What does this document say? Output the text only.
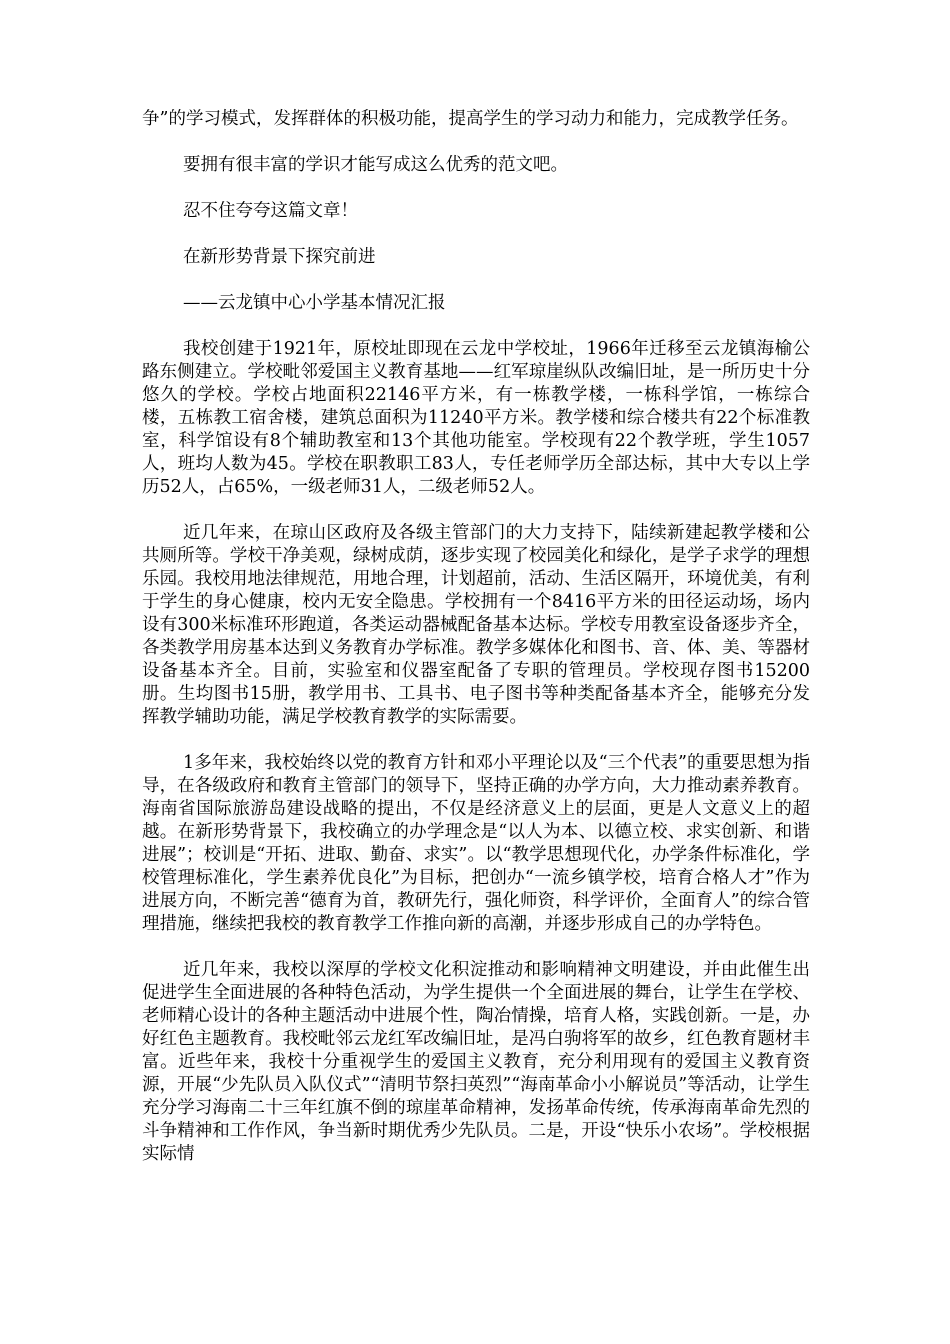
争”的学习模式，发挥群体的积极功能，提高学生的学习动力和能力，完成教学任务。

要拥有很丰富的学识才能写成这么优秀的范文吧。

忍不住夸夸这篇文章！

在新形势背景下探究前进

——云龙镇中心小学基本情况汇报

我校创建于1921年，原校址即现在云龙中学校址，1966年迁移至云龙镇海榆公路东侧建立。学校毗邻爱国主义教育基地——红军琼崖纵队改编旧址，是一所历史十分悠久的学校。学校占地面积22146平方米，有一栋教学楼，一栋科学馆，一栋综合楼，五栋教工宿舍楼，建筑总面积为11240平方米。教学楼和综合楼共有22个标准教室，科学馆设有8个辅助教室和13个其他功能室。学校现有22个教学班，学生1057人，班均人数为45。学校在职教职工83人，专任老师学历全部达标，其中大专以上学历52人，占65%，一级老师31人，二级老师52人。

近几年来，在琼山区政府及各级主管部门的大力支持下，陆续新建起教学楼和公共厕所等。学校干净美观，绿树成荫，逐步实现了校园美化和绿化，是学子求学的理想乐园。我校用地法律规范，用地合理，计划超前，活动、生活区隔开，环境优美，有利于学生的身心健康，校内无安全隐患。学校拥有一个8416平方米的田径运动场，场内设有300米标准环形跑道，各类运动器械配备基本达标。学校专用教室设备逐步齐全，各类教学用房基本达到义务教育办学标准。教学多媒体化和图书、音、体、美、等器材设备基本齐全。目前，实验室和仪器室配备了专职的管理员。学校现存图书15200册。生均图书15册，教学用书、工具书、电子图书等种类配备基本齐全，能够充分发挥教学辅助功能，满足学校教育教学的实际需要。

1多年来，我校始终以党的教育方针和邓小平理论以及“三个代表”的重要思想为指导，在各级政府和教育主管部门的领导下，坚持正确的办学方向，大力推动素养教育。海南省国际旅游岛建设战略的提出，不仅是经济意义上的层面，更是人文意义上的超越。在新形势背景下，我校确立的办学理念是“以人为本、以德立校、求实创新、和谐进展”；校训是“开拓、进取、勤奋、求实”。以“教学思想现代化，办学条件标准化，学校管理标准化，学生素养优良化”为目标，把创办“一流乡镇学校，培育合格人才”作为进展方向，不断完善“德育为首，教研先行，强化师资，科学评价，全面育人”的综合管理措施，继续把我校的教育教学工作推向新的高潮，并逐步形成自己的办学特色。

近几年来，我校以深厚的学校文化积淀推动和影响精神文明建设，并由此催生出促进学生全面进展的各种特色活动，为学生提供一个全面进展的舞台，让学生在学校、老师精心设计的各种主题活动中进展个性，陶冶情操，培育人格，实践创新。一是，办好红色主题教育。我校毗邻云龙红军改编旧址，是冯白驹将军的故乡，红色教育题材丰富。近些年来，我校十分重视学生的爱国主义教育，充分利用现有的爱国主义教育资源，开展“少先队员入队仪式”“清明节祭扫英烈”“海南革命小小解说员”等活动，让学生充分学习海南二十三年红旗不倒的琼崖革命精神，发扬革命传统，传承海南革命先烈的斗争精神和工作作风，争当新时期优秀少先队员。二是，开设“快乐小农场”。学校根据实际情
